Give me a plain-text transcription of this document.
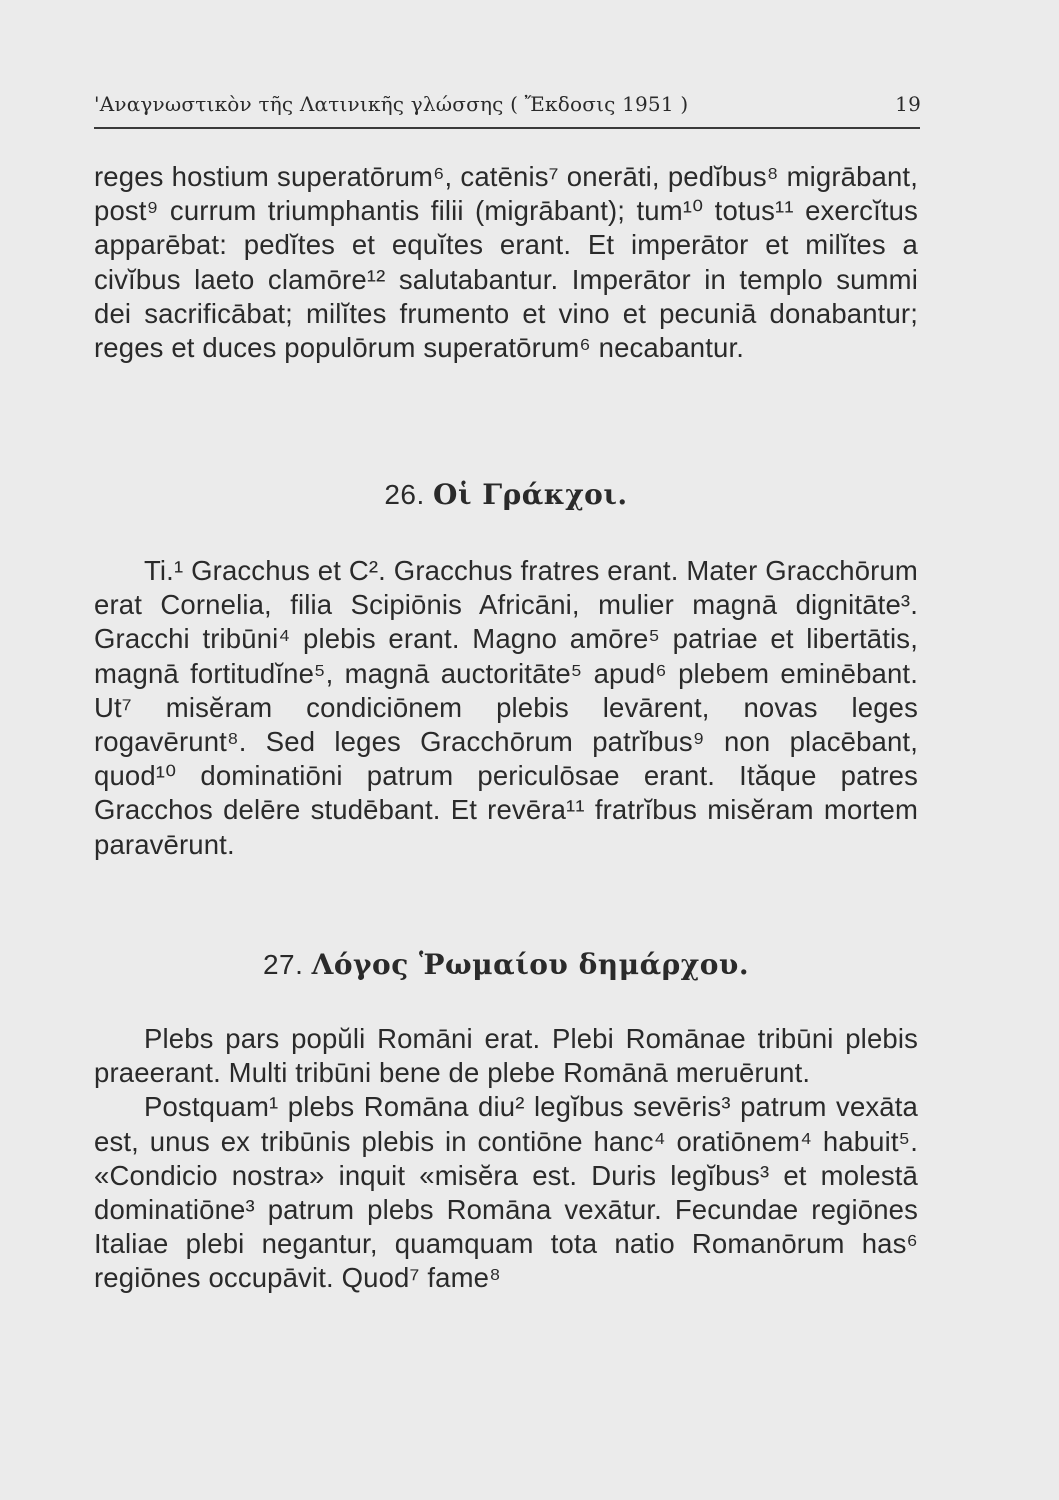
'Αναγνωστικὸν τῆς Λατινικῆς γλώσσης ( Ἔκδοσις 1951 )	19

reges hostium superatōrum⁶, catēnis⁷ onerāti, pedĭbus⁸ migrābant, post⁹ currum triumphantis filii (migrābant); tum¹⁰ totus¹¹ exercĭtus apparēbat: pedĭtes et equĭtes erant. Et imperātor et milĭtes a civĭbus laeto clamōre¹² salutabantur. Imperātor in templo summi dei sacrificābat; milĭtes frumento et vino et pecuniā donabantur; reges et duces populōrum superatōrum⁶ necabantur.

26. Οἱ Γράκχοι.

Ti.¹ Gracchus et C². Gracchus fratres erant. Mater Gracchōrum erat Cornelia, filia Scipiōnis Africāni, mulier magnā dignitāte³. Gracchi tribūni⁴ plebis erant. Magno amōre⁵ patriae et libertātis, magnā fortitudĭne⁵, magnā auctoritāte⁵ apud⁶ plebem eminēbant. Ut⁷ misĕram condiciōnem plebis levārent, novas leges rogavērunt⁸. Sed leges Gracchōrum patrĭbus⁹ non placēbant, quod¹⁰ dominatiōni patrum periculōsae erant. Ităque patres Gracchos delēre studēbant. Et revēra¹¹ fratrĭbus misĕram mortem paravērunt.

27. Λόγος Ῥωμαίου δημάρχου.

Plebs pars popŭli Romāni erat. Plebi Romānae tribūni plebis praeerant. Multi tribūni bene de plebe Romānā meruērunt.

Postquam¹ plebs Romāna diu² legĭbus sevēris³ patrum vexāta est, unus ex tribūnis plebis in contiōne hanc⁴ oratiōnem⁴ habuit⁵. «Condicio nostra» inquit «misĕra est. Duris legĭbus³ et molestā dominatiōne³ patrum plebs Romāna vexātur. Fecundae regiōnes Italiae plebi negantur, quamquam tota natio Romanōrum has⁶ regiōnes occupāvit. Quod⁷ fame⁸
